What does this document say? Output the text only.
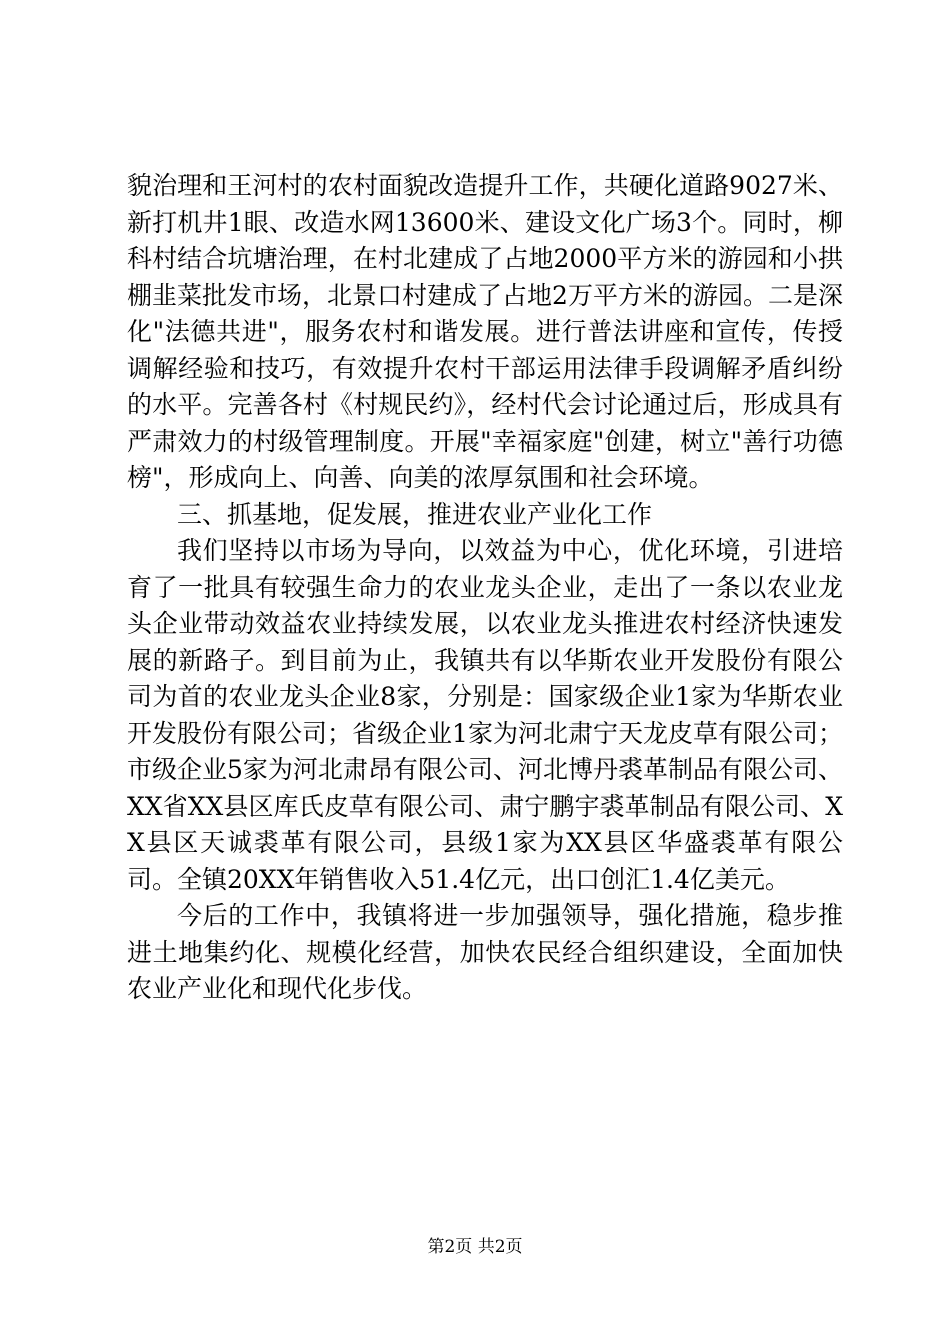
貌治理和王河村的农村面貌改造提升工作，共硬化道路9027米、新打机井1眼、改造水网13600米、建设文化广场3个。同时，柳科村结合坑塘治理，在村北建成了占地2000平方米的游园和小拱棚韭菜批发市场，北景口村建成了占地2万平方米的游园。二是深化"法德共进"，服务农村和谐发展。进行普法讲座和宣传，传授调解经验和技巧，有效提升农村干部运用法律手段调解矛盾纠纷的水平。完善各村《村规民约》，经村代会讨论通过后，形成具有严肃效力的村级管理制度。开展"幸福家庭"创建，树立"善行功德榜"，形成向上、向善、向美的浓厚氛围和社会环境。

三、抓基地，促发展，推进农业产业化工作

我们坚持以市场为导向，以效益为中心，优化环境，引进培育了一批具有较强生命力的农业龙头企业，走出了一条以农业龙头企业带动效益农业持续发展，以农业龙头推进农村经济快速发展的新路子。到目前为止，我镇共有以华斯农业开发股份有限公司为首的农业龙头企业8家，分别是：国家级企业1家为华斯农业开发股份有限公司；省级企业1家为河北肃宁天龙皮草有限公司；市级企业5家为河北肃昂有限公司、河北博丹裘革制品有限公司、XX省XX县区库氏皮草有限公司、肃宁鹏宇裘革制品有限公司、XX县区天诚裘革有限公司，县级1家为XX县区华盛裘革有限公司。全镇20XX年销售收入51.4亿元，出口创汇1.4亿美元。

今后的工作中，我镇将进一步加强领导，强化措施，稳步推进土地集约化、规模化经营，加快农民经合组织建设，全面加快农业产业化和现代化步伐。

第2页 共2页
